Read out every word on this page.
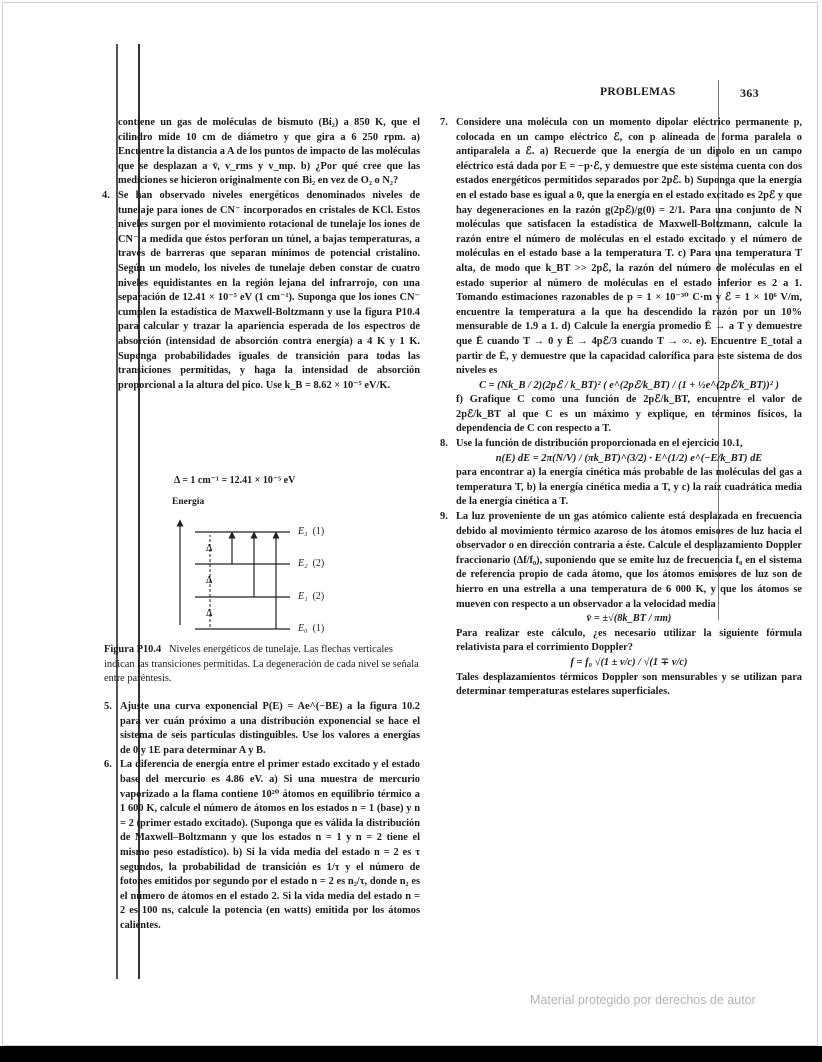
PROBLEMAS	363

contiene un gas de moléculas de bismuto (Bi₂) a 850 K, que el cilindro mide 10 cm de diámetro y que gira a 6 250 rpm. a) Encuentre la distancia a A de los puntos de impacto de las moléculas que se desplazan a v̄, v_rms y v_mp. b) ¿Por qué cree que las mediciones se hicieron originalmente con Bi₂ en vez de O₂ o N₂?

4. Se han observado niveles energéticos denominados niveles de tunelaje para iones de CN⁻ incorporados en cristales de KCl. Estos niveles surgen por el movimiento rotacional de tunelaje los iones de CN⁻ a medida que éstos perforan un túnel, a bajas temperaturas, a través de barreras que separan mínimos de potencial cristalino. Según un modelo, los niveles de tunelaje deben constar de cuatro niveles equidistantes en la región lejana del infrarrojo, con una separación de 12.41 × 10⁻⁵ eV (1 cm⁻¹). Suponga que los iones CN⁻ cumplen la estadística de Maxwell-Boltzmann y use la figura P10.4 para calcular y trazar la apariencia esperada de los espectros de absorción (intensidad de absorción contra energía) a 4 K y 1 K. Suponga probabilidades iguales de transición para todas las transiciones permitidas, y haga la intensidad de absorción proporcional a la altura del pico. Use k_B = 8.62 × 10⁻⁵ eV/K.

Δ = 1 cm⁻¹ = 12.41 × 10⁻⁵ eV
Energía
Δ
Δ
Δ
E₃ (1)
E₂ (2)
E₁ (2)
E₀ (1)
Figura P10.4 Niveles energéticos de tunelaje. Las flechas verticales indican las transiciones permitidas. La degeneración de cada nivel se señala entre paréntesis.
5. Ajuste una curva exponencial P(E) = Ae^(−BE) a la figura 10.2 para ver cuán próximo a una distribución exponencial se hace el sistema de seis partículas distinguibles. Use los valores a energías de 0 y 1E para determinar A y B.

6. La diferencia de energía entre el primer estado excitado y el estado base del mercurio es 4.86 eV. a) Si una muestra de mercurio vaporizado a la flama contiene 10²⁰ átomos en equilibrio térmico a 1 600 K, calcule el número de átomos en los estados n = 1 (base) y n = 2 (primer estado excitado). (Suponga que es válida la distribución de Maxwell–Boltzmann y que los estados n = 1 y n = 2 tiene el mismo peso estadístico). b) Si la vida media del estado n = 2 es τ segundos, la probabilidad de transición es 1/τ y el número de fotones emitidos por segundo por el estado n = 2 es n₂/τ, donde n₂ es el número de átomos en el estado 2. Si la vida media del estado n = 2 es 100 ns, calcule la potencia (en watts) emitida por los átomos calientes.

7. Considere una molécula con un momento dipolar eléctrico permanente p, colocada en un campo eléctrico ℰ, con p alineada de forma paralela o antiparalela a ℰ. a) Recuerde que la energía de un dipolo en un campo eléctrico está dada por E = −p·ℰ, y demuestre que este sistema cuenta con dos estados energéticos permitidos separados por 2pℰ. b) Suponga que la energía en el estado base es igual a 0, que la energía en el estado excitado es 2pℰ y que hay degeneraciones en la razón g(2pℰ)/g(0) = 2/1. Para una conjunto de N moléculas que satisfacen la estadística de Maxwell-Boltzmann, calcule la razón entre el número de moléculas en el estado excitado y el número de moléculas en el estado base a la temperatura T. c) Para una temperatura T alta, de modo que k_BT >> 2pℰ, la razón del número de moléculas en el estado superior al número de moléculas en el estado inferior es 2 a 1. Tomando estimaciones razonables de p = 1 × 10⁻³⁰ C·m y ℰ = 1 × 10⁶ V/m, encuentre la temperatura a la que ha descendido la razón por un 10% mensurable de 1.9 a 1. d) Calcule la energía promedio Ē → a T y demuestre que Ē cuando T → 0 y Ē → 4pℰ/3 cuando T → ∞. e). Encuentre E_total a partir de Ē, y demuestre que la capacidad calorífica para este sistema de dos niveles es

C = (Nk_B / 2)(2pℰ / k_BT)² ( e^(2pℰ/k_BT) / (1 + ½e^(2pℰ/k_BT))² )

f) Grafique C como una función de 2pℰ/k_BT, encuentre el valor de 2pℰ/k_BT al que C es un máximo y explique, en términos físicos, la dependencia de C con respecto a T.

8. Use la función de distribución proporcionada en el ejercicio 10.1,

n(E) dE = 2π(N/V) / (πk_BT)^(3/2) · E^(1/2) e^(−E/k_BT) dE

para encontrar a) la energía cinética más probable de las moléculas del gas a temperatura T, b) la energía cinética media a T, y c) la raíz cuadrática media de la energía cinética a T.

9. La luz proveniente de un gas atómico caliente está desplazada en frecuencia debido al movimiento térmico azaroso de los átomos emisores de luz hacia el observador o en dirección contraria a éste. Calcule el desplazamiento Doppler fraccionario (Δf/f₀), suponiendo que se emite luz de frecuencia f₀ en el sistema de referencia propio de cada átomo, que los átomos emisores de luz son de hierro en una estrella a una temperatura de 6 000 K, y que los átomos se mueven con respecto a un observador a la velocidad media

v̄ = ±√(8k_BT / πm)

Para realizar este cálculo, ¿es necesario utilizar la siguiente fórmula relativista para el corrimiento Doppler?

f = f₀ √(1 ± v/c) / √(1 ∓ v/c)

Tales desplazamientos térmicos Doppler son mensurables y se utilizan para determinar temperaturas estelares superficiales.

Material protegido por derechos de autor
